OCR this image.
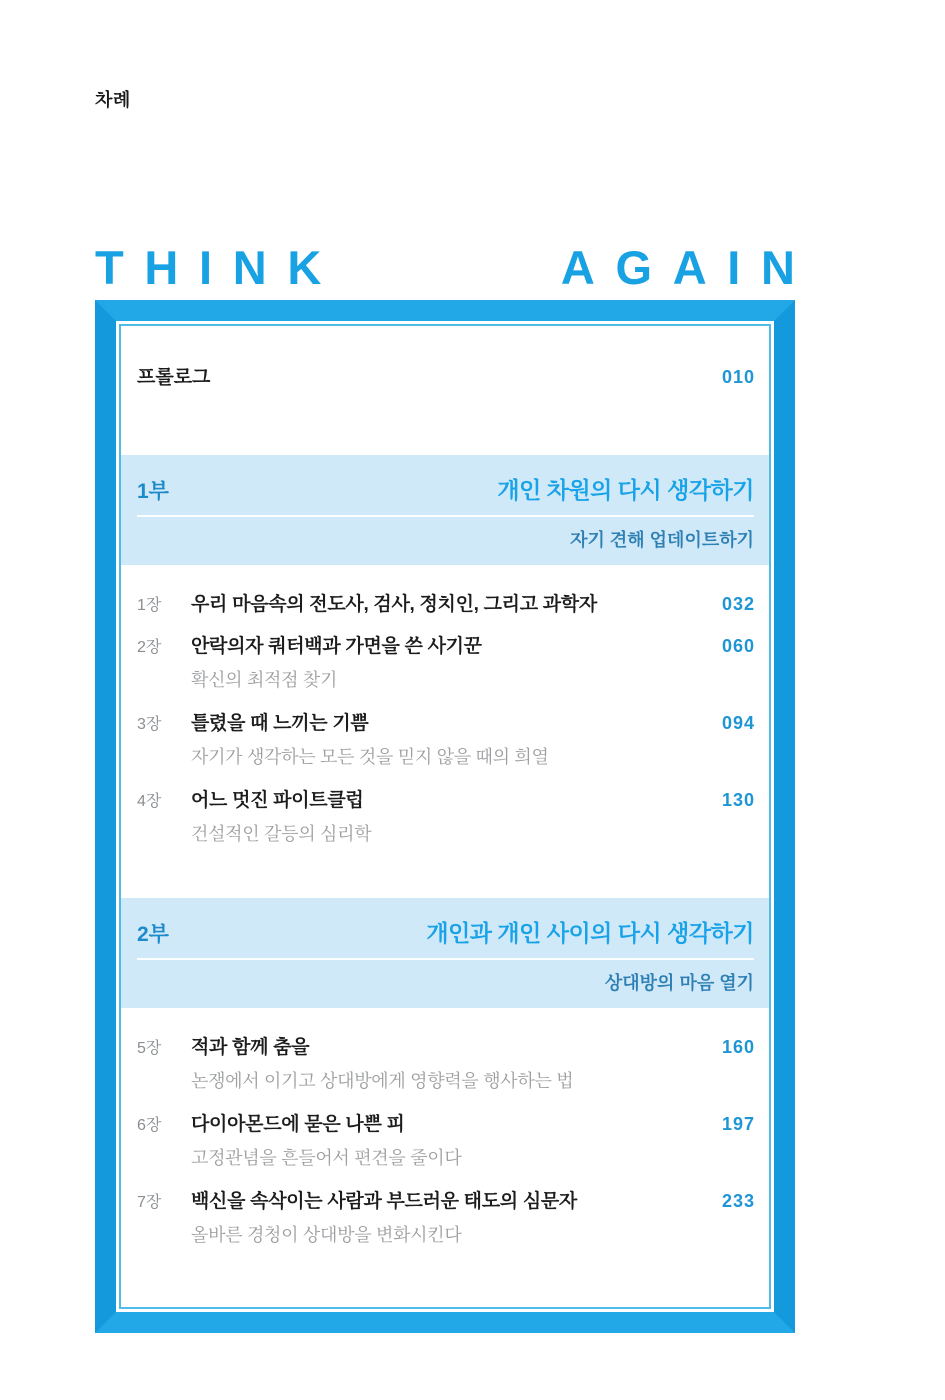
차례
THINK	AGAIN
프롤로그	010
1부	개인 차원의 다시 생각하기
자기 견해 업데이트하기
1장	우리 마음속의 전도사, 검사, 정치인, 그리고 과학자	032
2장	안락의자 쿼터백과 가면을 쓴 사기꾼	060
확신의 최적점 찾기
3장	틀렸을 때 느끼는 기쁨	094
자기가 생각하는 모든 것을 믿지 않을 때의 희열
4장	어느 멋진 파이트클럽	130
건설적인 갈등의 심리학
2부	개인과 개인 사이의 다시 생각하기
상대방의 마음 열기
5장	적과 함께 춤을	160
논쟁에서 이기고 상대방에게 영향력을 행사하는 법
6장	다이아몬드에 묻은 나쁜 피	197
고정관념을 흔들어서 편견을 줄이다
7장	백신을 속삭이는 사람과 부드러운 태도의 심문자	233
올바른 경청이 상대방을 변화시킨다
